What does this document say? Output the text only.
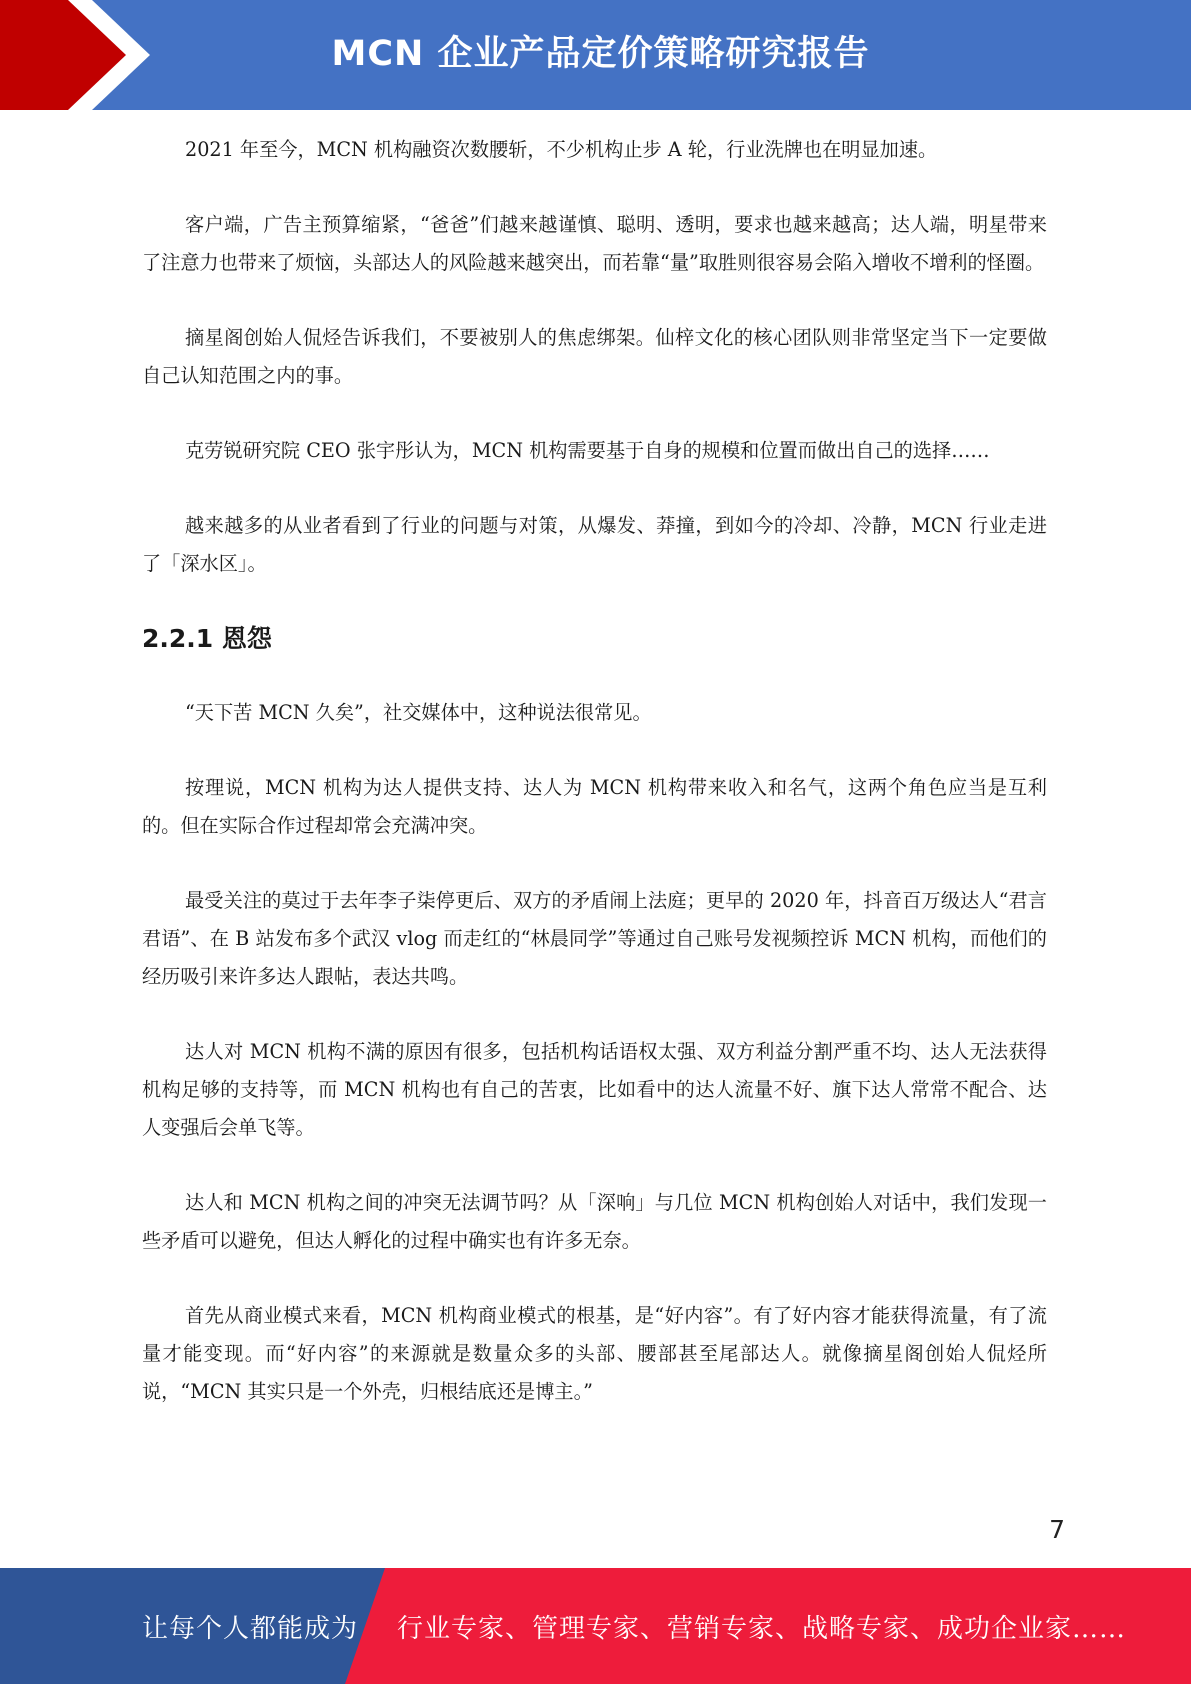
MCN 企业产品定价策略研究报告

2021 年至今，MCN 机构融资次数腰斩，不少机构止步 A 轮，行业洗牌也在明显加速。

客户端，广告主预算缩紧，“爸爸”们越来越谨慎、聪明、透明，要求也越来越高；达人端，明星带来了注意力也带来了烦恼，头部达人的风险越来越突出，而若靠“量”取胜则很容易会陷入增收不增利的怪圈。

摘星阁创始人侃烃告诉我们，不要被别人的焦虑绑架。仙梓文化的核心团队则非常坚定当下一定要做自己认知范围之内的事。

克劳锐研究院 CEO 张宇彤认为，MCN 机构需要基于自身的规模和位置而做出自己的选择……

越来越多的从业者看到了行业的问题与对策，从爆发、莽撞，到如今的冷却、冷静，MCN 行业走进了「深水区」。

2.2.1 恩怨

“天下苦 MCN 久矣”，社交媒体中，这种说法很常见。

按理说，MCN 机构为达人提供支持、达人为 MCN 机构带来收入和名气，这两个角色应当是互利的。但在实际合作过程却常会充满冲突。

最受关注的莫过于去年李子柒停更后、双方的矛盾闹上法庭；更早的 2020 年，抖音百万级达人“君言君语”、在 B 站发布多个武汉 vlog 而走红的“林晨同学”等通过自己账号发视频控诉 MCN 机构，而他们的经历吸引来许多达人跟帖，表达共鸣。

达人对 MCN 机构不满的原因有很多，包括机构话语权太强、双方利益分割严重不均、达人无法获得机构足够的支持等，而 MCN 机构也有自己的苦衷，比如看中的达人流量不好、旗下达人常常不配合、达人变强后会单飞等。

达人和 MCN 机构之间的冲突无法调节吗？从「深响」与几位 MCN 机构创始人对话中，我们发现一些矛盾可以避免，但达人孵化的过程中确实也有许多无奈。

首先从商业模式来看，MCN 机构商业模式的根基，是“好内容”。有了好内容才能获得流量，有了流量才能变现。而“好内容”的来源就是数量众多的头部、腰部甚至尾部达人。就像摘星阁创始人侃烃所说，“MCN 其实只是一个外壳，归根结底还是博主。”

7
让每个人都能成为 行业专家、管理专家、营销专家、战略专家、成功企业家……
